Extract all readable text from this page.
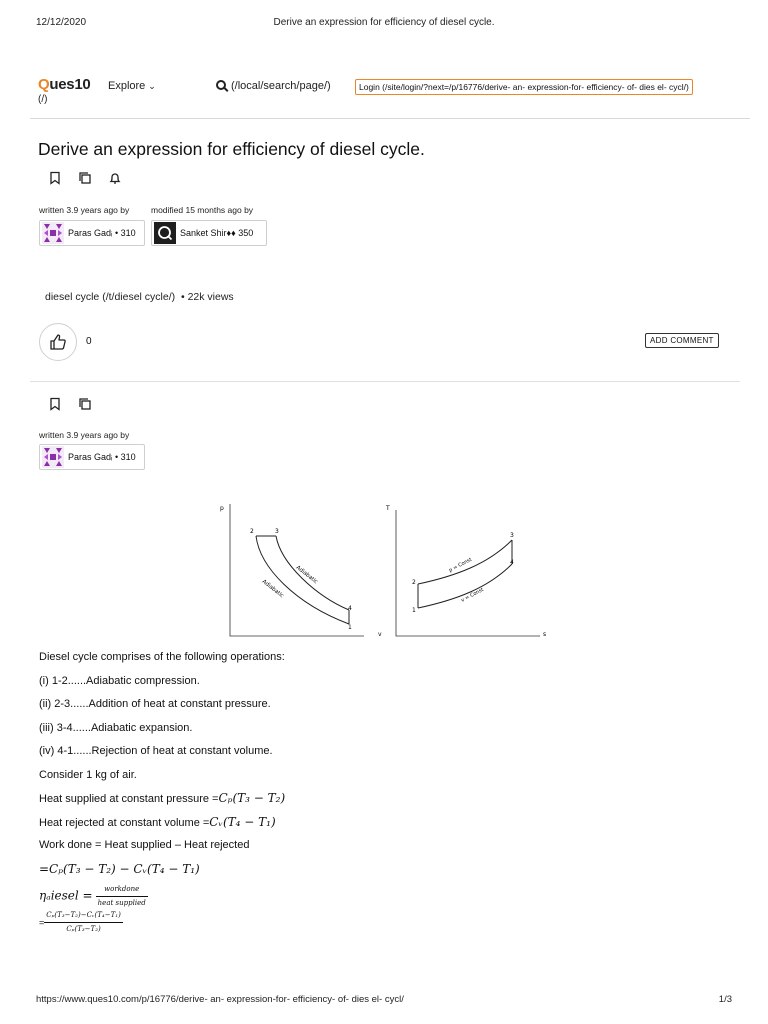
12/12/2020	Derive an expression for efficiency of diesel cycle.
Ques10
(/)
Explore ⌄	(/local/search/page/)	Login (/site/login/?next=/p/16776/derive- an- expression-for- efficiency- of- dies el- cycl/)
Derive an expression for efficiency of diesel cycle.
written 3.9 years ago by	modified 15 months ago by
Paras Gadᵢ
• 310	Sanket Shir♦♦
350
diesel cycle (/t/diesel cycle/) • 22k views
0	ADD COMMENT
written 3.9 years ago by
Paras Gadᵢ
• 310
p
v
2	3
4
1
Adiabatic
Adiabatic
T
s
2
3
4
1
p = Const
v = Const

Diesel cycle comprises of the following operations:

(i) 1-2......Adiabatic compression.

(ii) 2-3......Addition of heat at constant pressure.

(iii) 3-4......Adiabatic expansion.

(iv) 4-1......Rejection of heat at constant volume.

Consider 1 kg of air.

Heat supplied at constant pressure =Cₚ(T₃ − T₂)

Heat rejected at constant volume =Cᵥ(T₄ − T₁)

Work done = Heat supplied – Heat rejected

=Cₚ(T₃ − T₂) − Cᵥ(T₄ − T₁)

ηₐiesel = $\frac{\text{workdone}}{\text{heat supplied}}$

= $\frac{\text{Cₚ(T₃−T₂)−Cᵥ(T₄−T₁)}}{\text{Cₚ(T₃−T₂)}}$

https://www.ques10.com/p/16776/derive- an- expression-for- efficiency- of- dies el- cycl/	1/3
